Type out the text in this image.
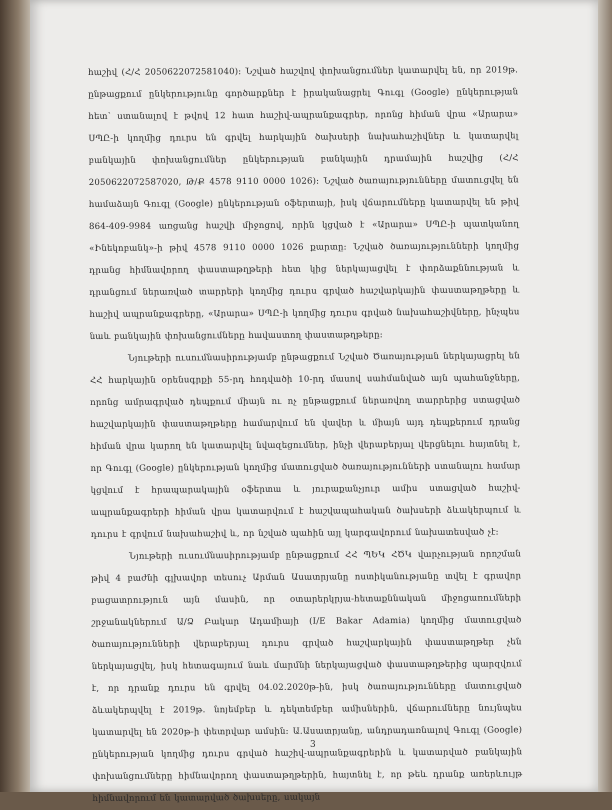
հաշիվ (Հ/Հ 2050622072581040)։ Նշված հաշվով փոխանցումներ կատարվել են, որ 2019թ. ընթացքում ընկերությունը գործարքներ է իրականացրել Գուգլ (Google) ընկերության հետ՝ ստանալով է թվով 12 հատ հաշիվ-ապրանքագրեր, որոնց հիման վրա «Արարա» ՍՊԸ-ի կողմից դուրս են գրվել հարկային ծախսերի նախահաշիվներ և կատարվել բանկային փոխանցումներ ընկերության բանկային դրամային հաշվից (Հ/Հ 2050622072587020, Թ/Ք 4578 9110 0000 1026)։ Նշված ծառայությունները մատուցվել են համաձայն Գուգլ (Google) ընկերության օֆերտայի, իսկ վճարումները կատարվել են թիվ 864-409-9984 առցանց հաշվի միջոցով, որին կցված է «Արարա» ՍՊԸ-ի պատկանող «Ինեկոբանկ»-ի թիվ 4578 9110 0000 1026 քարտը։ Նշված ծառայությունների կողմից դրանց հիմնավորող փաստաթղթերի հետ կից ներկայացվել է փորձաքննության և դրանցում ներառված տարրերի կողմից դուրս գրված հաշվարկային փաստաթղթերը և հաշիվ ապրանքագրերը, «Արարա» ՍՊԸ-ի կողմից դուրս գրված նախահաշիվները, ինչպես նաև բանկային փոխանցումները հավաստող փաստաթղթերը։

Նյութերի ուսումնասիրությամբ ընթացքում Նշված Ծառայության ներկայացրել են ՀՀ հարկային օրենսգրքի 55-րդ հոդվածի 10-րդ մասով սահմանված այն պահանջները, որոնց ամրագրված դեպքում միայն ու ոչ ընթացքում ներառվող տարրերից ստացված հաշվարկային փաստաթղթերը համարվում են վավեր և միայն այդ դեպքերում դրանց հիման վրա կարող են կատարվել նվազեցումներ, ինչի վերաբերյալ վերցնելու հայտնել է, որ Գուգլ (Google) ընկերության կողմից մատուցված ծառայությունների ստանալու համար կցվում է հրապարակային օֆերտա և յուրաքանչյուր ամիս ստացված հաշիվ-ապրանքագրերի հիման վրա կատարվում է հաշվապահական ծախսերի ձևակերպում և դուրս է գրվում նախահաշիվ և, որ նշված պահին այլ կարգավորում նախատեսված չէ։

Նյութերի ուսումնասիրությամբ ընթացքում ՀՀ ՊԵԿ ՀԾԿ վարչության որոշման թիվ 4 բաժնի գլխավոր տեսուչ Արման Ասատրյանը ոստիկանությանը տվել է գրավոր բացատրություն այն մասին, որ օտարերկրյա-հետաքննական միջոցառումների շրջանակներում Ա/Ձ Բակար Ադամիայի (I/E Bakar Adamia) կողմից մատուցված ծառայությունների վերաբերյալ դուրս գրված հաշվարկային փաստաթղթեր չեն ներկայացվել, իսկ հետագայում նաև մարմնի ներկայացված փաստաթղթերից պարզվում է, որ դրանք դուրս են գրվել 04.02.2020թ-ին, իսկ ծառայությունները մատուցված ձևակերպվել է 2019թ. նոյեմբեր և դեկտեմբեր ամիսներին, վճարումները նույնպես կատարվել են 2020թ-ի փետրվար ամսին։ Ա.Ասատրյանը, անդրադառնալով Գուգլ (Google) ընկերության կողմից դուրս գրված հաշիվ-ապրանքագրերին և կատարված բանկային փոխանցումները հիմնավորող փաստաթղթերին, հայտնել է, որ թեև դրանք առերևույթ հիմնավորում են կատարված ծախսերը, սակայն

3
